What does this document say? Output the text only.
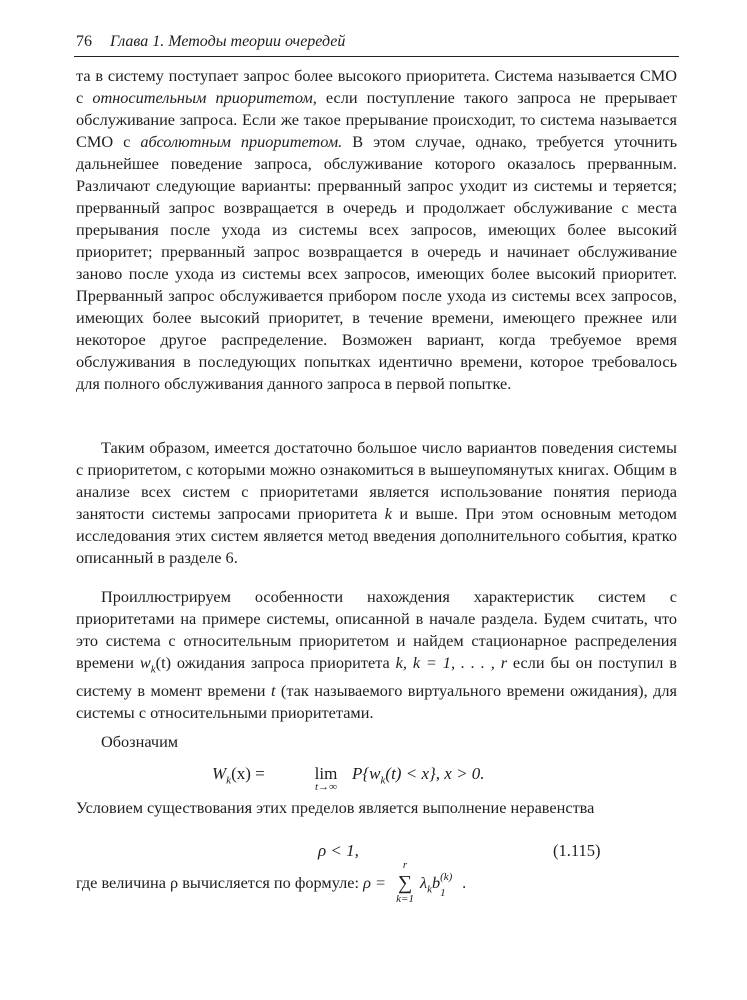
76 Глава 1. Методы теории очередей

та в систему поступает запрос более высокого приоритета. Система называется СМО с относительным приоритетом, если поступление такого запроса не прерывает обслуживание запроса. Если же такое прерывание происходит, то система называется СМО с абсолютным приоритетом. В этом случае, однако, требуется уточнить дальнейшее поведение запроса, обслуживание которого оказалось прерванным. Различают следующие варианты: прерванный запрос уходит из системы и теряется; прерванный запрос возвращается в очередь и продолжает обслуживание с места прерывания после ухода из системы всех запросов, имеющих более высокий приоритет; прерванный запрос возвращается в очередь и начинает обслуживание заново после ухода из системы всех запросов, имеющих более высокий приоритет. Прерванный запрос обслуживается прибором после ухода из системы всех запросов, имеющих более высокий приоритет, в течение времени, имеющего прежнее или некоторое другое распределение. Возможен вариант, когда требуемое время обслуживания в последующих попытках идентично времени, которое требовалось для полного обслуживания данного запроса в первой попытке.

Таким образом, имеется достаточно большое число вариантов поведения системы с приоритетом, с которыми можно ознакомиться в вышеупомянутых книгах. Общим в анализе всех систем с приоритетами является использование понятия периода занятости системы запросами приоритета k и выше. При этом основным методом исследования этих систем является метод введения дополнительного события, кратко описанный в разделе 6.

Проиллюстрируем особенности нахождения характеристик систем с приоритетами на примере системы, описанной в начале раздела. Будем считать, что это система с относительным приоритетом и найдем стационарное распределения времени $w_k(t)$ ожидания запроса приоритета k, k = 1, . . . , r если бы он поступил в систему в момент времени t (так называемого виртуального времени ожидания), для системы с относительными приоритетами.

Обозначим

$W_k(x)$ =	lim
t→∞
$P\{w_k(t) < x\}$, x > 0.

Условием существования этих пределов является выполнение неравенства

ρ < 1,	(1.115)

где величина ρ вычисляется по формуле: ρ =
r
∑
k=1
$\lambda_kb$ (k)
1
.
